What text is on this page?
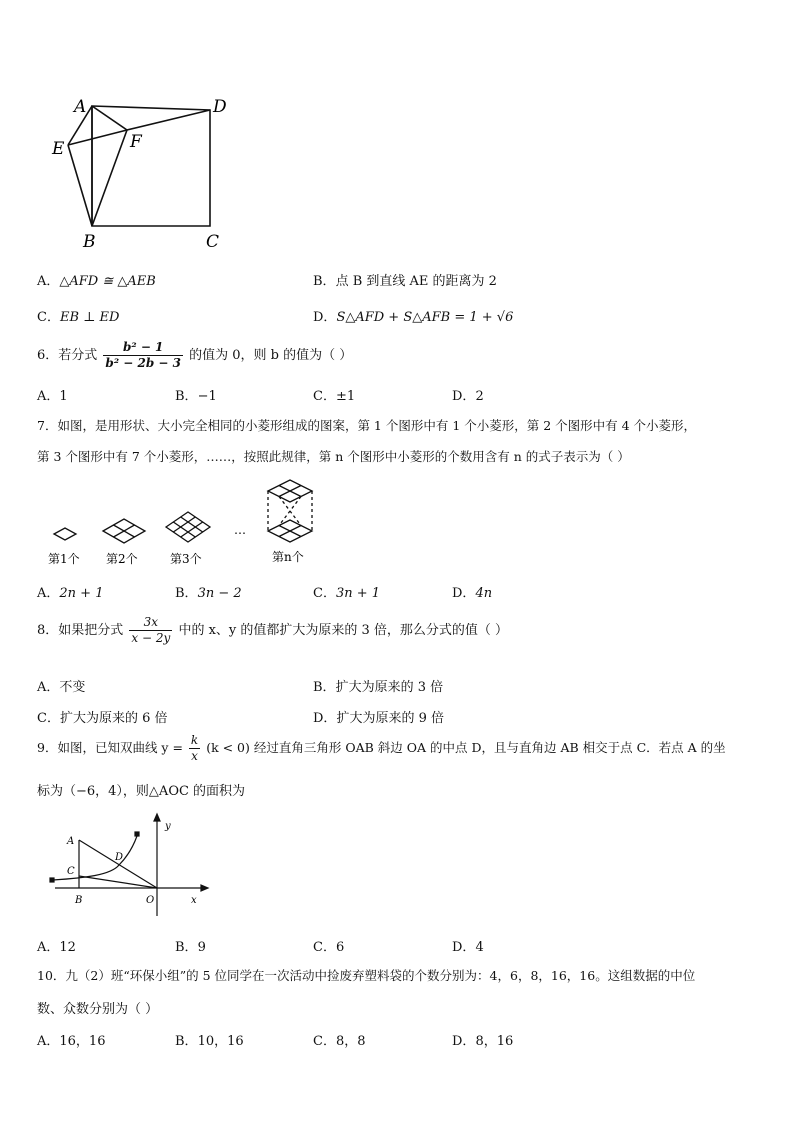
A	D
E	F
B	C
A．△AFD ≅ △AEB	B．点 B 到直线 AE 的距离为 2
C．EB ⊥ ED	D．S△AFD + S△AFB = 1 + √6
6．若分式 $\frac{\text{b² − 1}}{\text{b² − 2b − 3}}$ 的值为 0，则 b 的值为（ ）
A．1	B．−1	C．±1	D．2
7．如图，是用形状、大小完全相同的小菱形组成的图案，第 1 个图形中有 1 个小菱形，第 2 个图形中有 4 个小菱形，
第 3 个图形中有 7 个小菱形，……，按照此规律，第 n 个图形中小菱形的个数用含有 n 的式子表示为（ ）
第1个 第2个	第3个
…
第n个
A．2n + 1	B．3n − 2	C．3n + 1	D．4n
8．如果把分式 $\frac{3x}{x - 2y}$ 中的 x、y 的值都扩大为原来的 3 倍，那么分式的值（ ）
A．不变	B．扩大为原来的 3 倍
C．扩大为原来的 6 倍	D．扩大为原来的 9 倍
9．如图，已知双曲线 $y = \frac{k}{x} (k < 0)$ 经过直角三角形 OAB 斜边 OA 的中点 D，且与直角边 AB 相交于点 C．若点 A 的坐
标为（−6，4），则△AOC 的面积为
A
C
D
B	O	x
y
A．12	B．9	C．6	D．4
10．九（2）班“环保小组”的 5 位同学在一次活动中捡废弃塑料袋的个数分别为：4，6，8，16，16。这组数据的中位
数、众数分别为（ ）
A．16，16	B．10，16	C．8，8	D．8，16
